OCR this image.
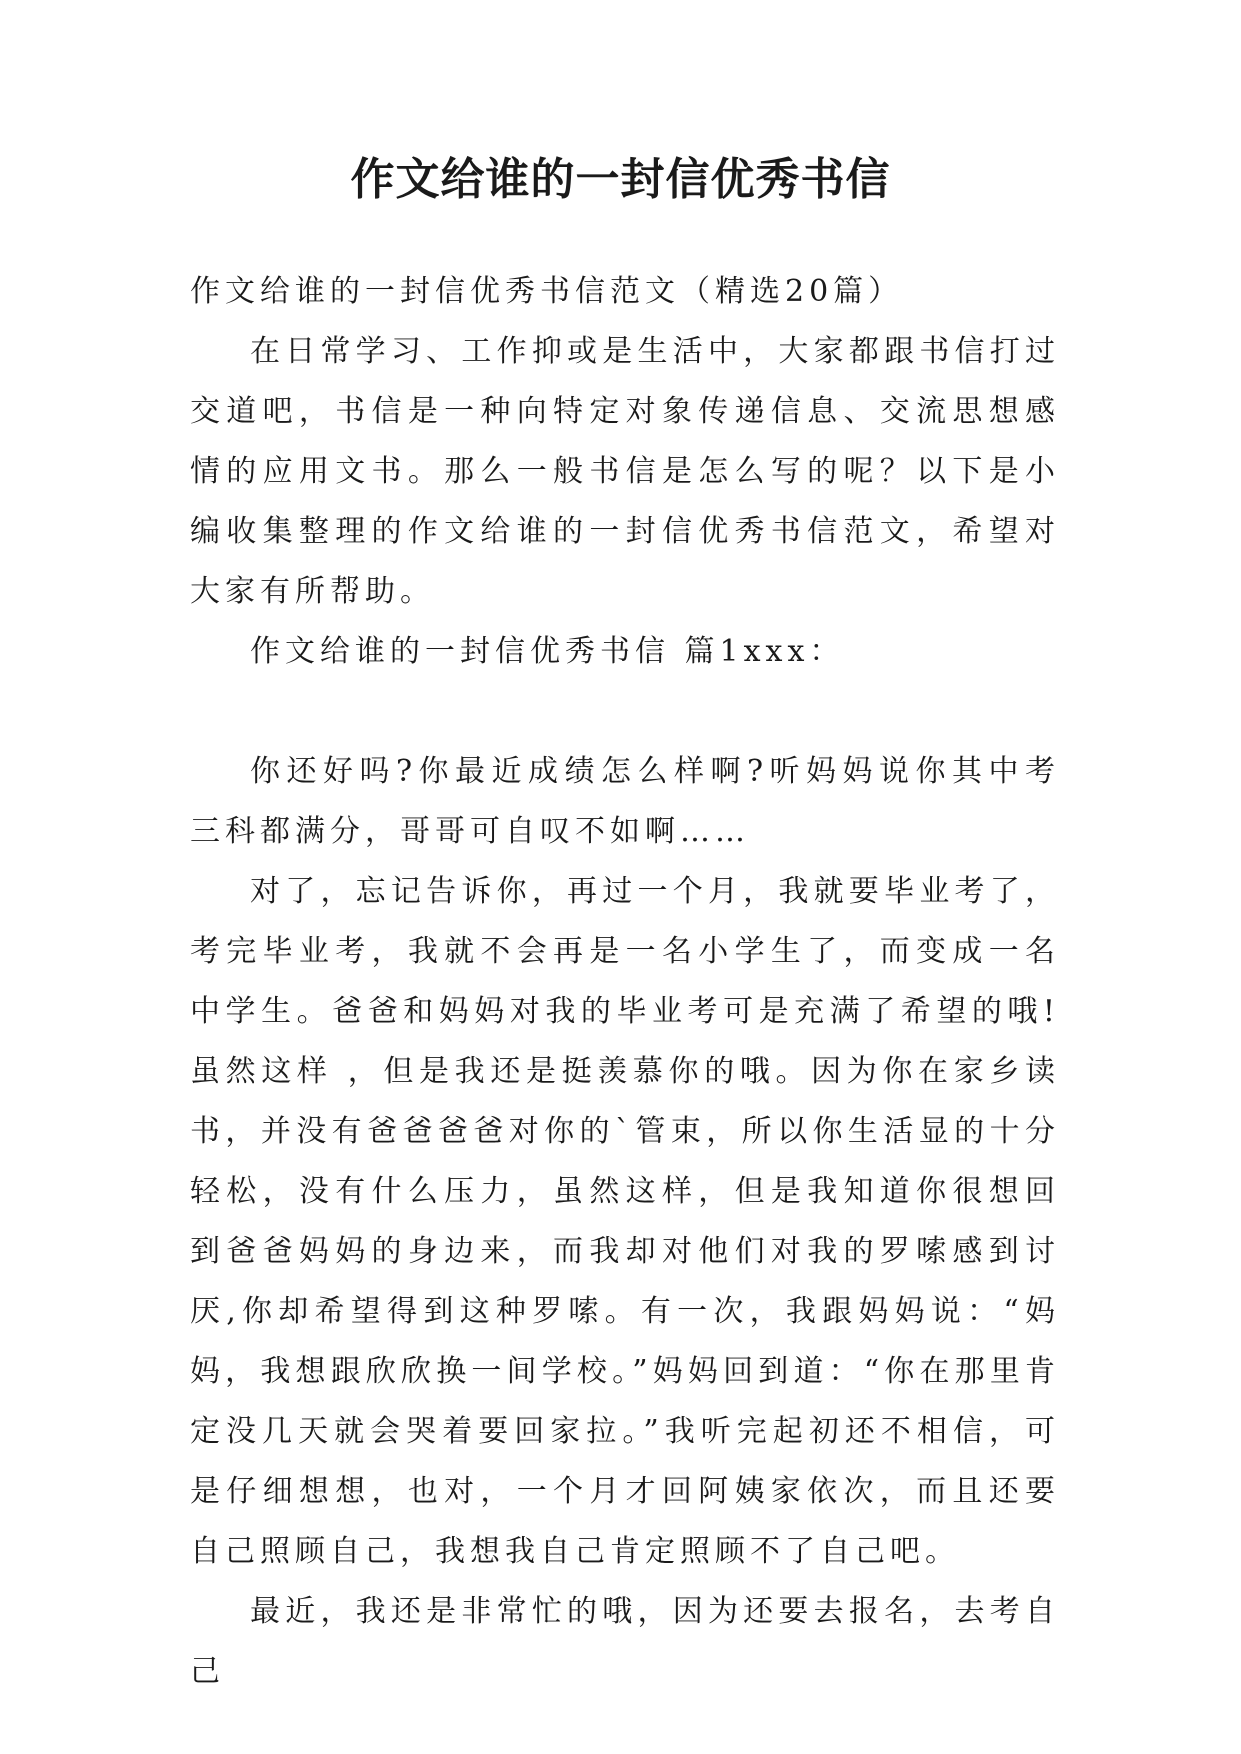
作文给谁的一封信优秀书信

作文给谁的一封信优秀书信范文（精选20篇）

在日常学习、工作抑或是生活中，大家都跟书信打过交道吧，书信是一种向特定对象传递信息、交流思想感情的应用文书。那么一般书信是怎么写的呢？以下是小编收集整理的作文给谁的一封信优秀书信范文，希望对大家有所帮助。

作文给谁的一封信优秀书信 篇1xxx：

你还好吗?你最近成绩怎么样啊?听妈妈说你其中考三科都满分，哥哥可自叹不如啊……

对了，忘记告诉你，再过一个月，我就要毕业考了，考完毕业考，我就不会再是一名小学生了，而变成一名中学生。爸爸和妈妈对我的毕业考可是充满了希望的哦!虽然这样 ，但是我还是挺羡慕你的哦。因为你在家乡读书，并没有爸爸爸爸对你的`管束，所以你生活显的十分轻松，没有什么压力，虽然这样，但是我知道你很想回到爸爸妈妈的身边来，而我却对他们对我的罗嗦感到讨厌,你却希望得到这种罗嗦。有一次，我跟妈妈说：“妈妈，我想跟欣欣换一间学校。”妈妈回到道：“你在那里肯定没几天就会哭着要回家拉。”我听完起初还不相信，可是仔细想想，也对，一个月才回阿姨家依次，而且还要自己照顾自己，我想我自己肯定照顾不了自己吧。

最近，我还是非常忙的哦，因为还要去报名，去考自己
